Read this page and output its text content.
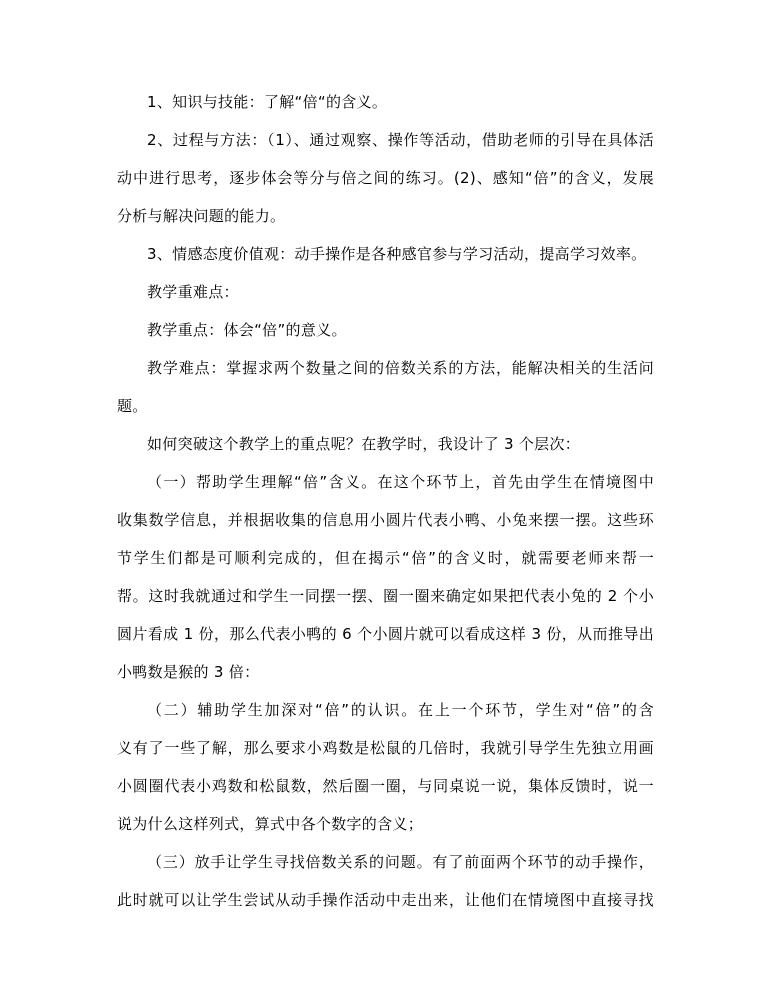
1、知识与技能：了解“倍“的含义。
2、过程与方法：（1）、通过观察、操作等活动，借助老师的引导在具体活
动中进行思考，逐步体会等分与倍之间的练习。(2)、感知“倍”的含义，发展
分析与解决问题的能力。
3、情感态度价值观：动手操作是各种感官参与学习活动，提高学习效率。
教学重难点：
教学重点：体会“倍”的意义。
教学难点：掌握求两个数量之间的倍数关系的方法，能解决相关的生活问
题。
如何突破这个教学上的重点呢？在教学时，我设计了 3 个层次：
（一）帮助学生理解“倍”含义。在这个环节上，首先由学生在情境图中
收集数学信息，并根据收集的信息用小圆片代表小鸭、小兔来摆一摆。这些环
节学生们都是可顺利完成的，但在揭示“倍”的含义时，就需要老师来帮一
帮。这时我就通过和学生一同摆一摆、圈一圈来确定如果把代表小兔的 2 个小
圆片看成 1 份，那么代表小鸭的 6 个小圆片就可以看成这样 3 份，从而推导出
小鸭数是猴的 3 倍：
（二）辅助学生加深对“倍”的认识。在上一个环节，学生对“倍”的含
义有了一些了解，那么要求小鸡数是松鼠的几倍时，我就引导学生先独立用画
小圆圈代表小鸡数和松鼠数，然后圈一圈，与同桌说一说，集体反馈时，说一
说为什么这样列式，算式中各个数字的含义；
（三）放手让学生寻找倍数关系的问题。有了前面两个环节的动手操作，
此时就可以让学生尝试从动手操作活动中走出来，让他们在情境图中直接寻找
